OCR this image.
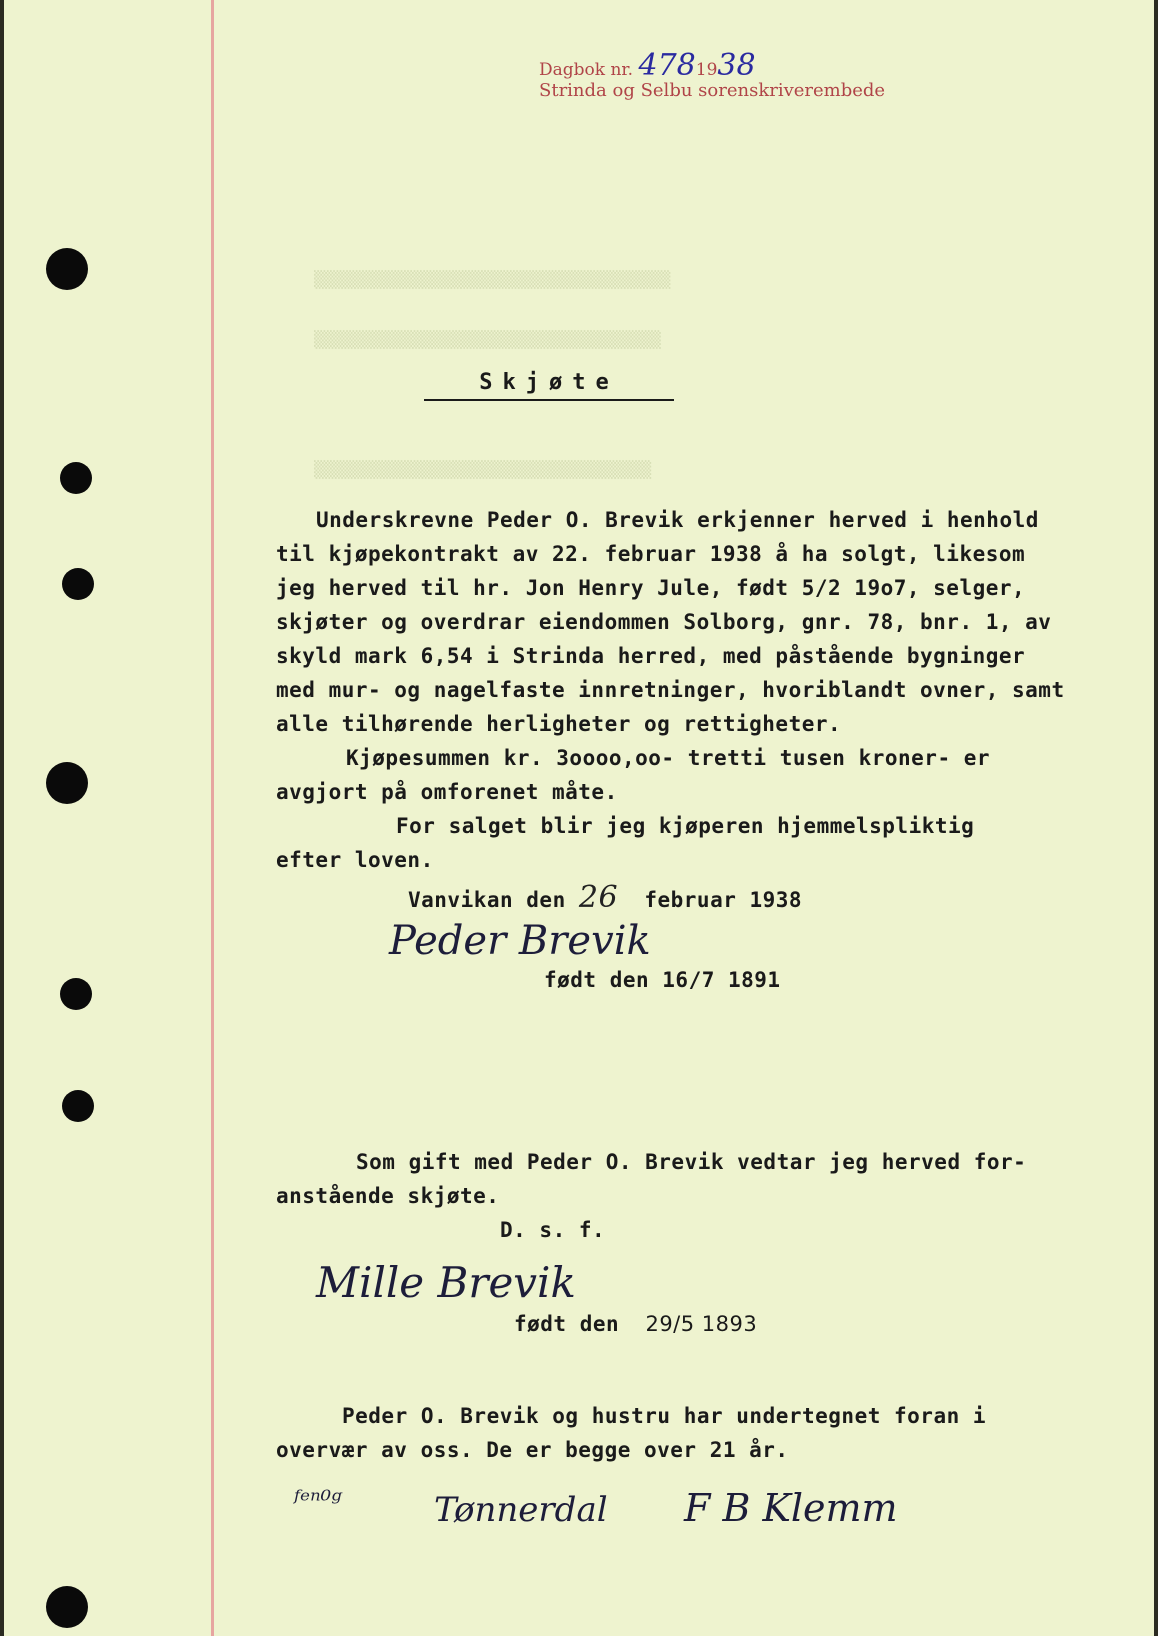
▒▒▒▒▒▒▒▒▒▒▒▒▒▒▒▒▒▒▒▒▒▒▒▒▒▒▒▒▒▒▒▒▒▒▒▒▒
▒▒▒▒▒▒▒▒▒▒▒▒▒▒▒▒▒▒▒▒▒▒▒▒▒▒▒▒▒▒▒▒▒▒▒▒
▒▒▒▒▒▒▒▒▒▒▒▒▒▒▒▒▒▒▒▒▒▒▒▒▒▒▒▒▒▒▒▒▒▒▒
Dagbok nr. 4781938
Strinda og Selbu sorenskriverembede
Skjøte
Underskrevne Peder O. Brevik erkjenner herved i henhold
til kjøpekontrakt av 22. februar 1938 å ha solgt, likesom
jeg herved til hr. Jon Henry Jule, født 5/2 19o7, selger,
skjøter og overdrar eiendommen Solborg, gnr. 78, bnr. 1, av
skyld mark 6,54 i Strinda herred, med påstående bygninger
med mur- og nagelfaste innretninger, hvoriblandt ovner, samt
alle tilhørende herligheter og rettigheter.
Kjøpesummen kr. 3oooo,oo- tretti tusen kroner- er
avgjort på omforenet måte.
For salget blir jeg kjøperen hjemmelspliktig
efter loven.
Vanvikan den 26 februar 1938
Peder Brevik
født den 16/7 1891
Som gift med Peder O. Brevik vedtar jeg herved for-
anstående skjøte.
D. s. f.
Mille Brevik
født den 29/5 1893
Peder O. Brevik og hustru har undertegnet foran i
overvær av oss. De er begge over 21 år.
ᶠᵉⁿ⁰ᵍ	Tønnerdal F B Klemm
